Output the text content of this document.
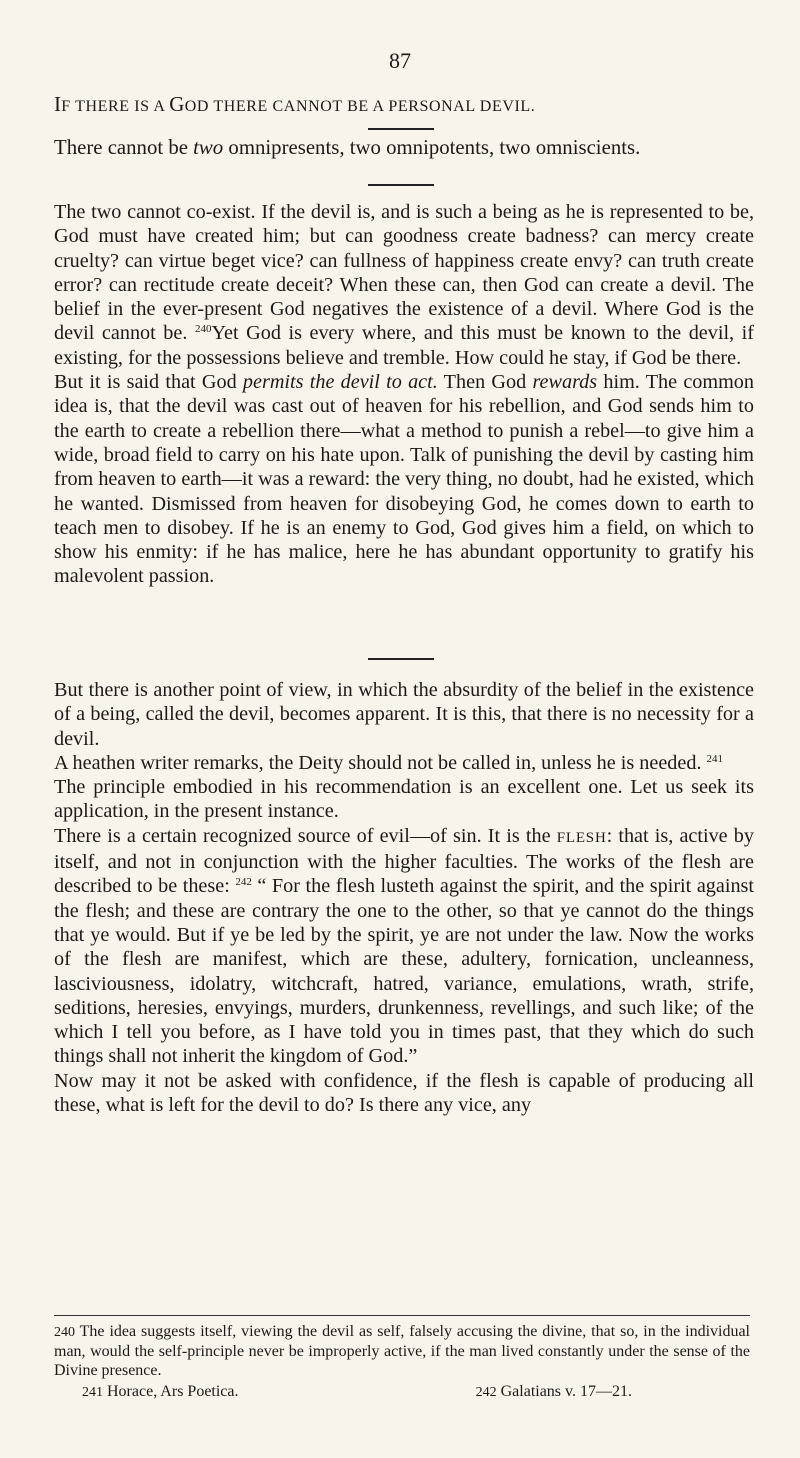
87
IF THERE IS A GOD THERE CANNOT BE A PERSONAL DEVIL.

There cannot be two omnipresents, two omnipotents, two omniscients.

The two cannot co-exist. If the devil is, and is such a being as he is represented to be, God must have created him; but can goodness create badness? can mercy create cruelty? can virtue beget vice? can fullness of happiness create envy? can truth create error? can rectitude create deceit? When these can, then God can create a devil. The belief in the ever-present God negatives the existence of a devil. Where God is the devil cannot be. $^{240}$Yet God is every where, and this must be known to the devil, if existing, for the possessions believe and tremble. How could he stay, if God be there.

But it is said that God permits the devil to act. Then God rewards him. The common idea is, that the devil was cast out of heaven for his rebellion, and God sends him to the earth to create a rebellion there—what a method to punish a rebel—to give him a wide, broad field to carry on his hate upon. Talk of punishing the devil by casting him from heaven to earth—it was a reward: the very thing, no doubt, had he existed, which he wanted. Dismissed from heaven for disobeying God, he comes down to earth to teach men to disobey. If he is an enemy to God, God gives him a field, on which to show his enmity: if he has malice, here he has abundant opportunity to gratify his malevolent passion.

But there is another point of view, in which the absurdity of the belief in the existence of a being, called the devil, becomes apparent. It is this, that there is no necessity for a devil.

A heathen writer remarks, the Deity should not be called in, unless he is needed. $^{241}$

The principle embodied in his recommendation is an excellent one. Let us seek its application, in the present instance.

There is a certain recognized source of evil—of sin. It is the FLESH: that is, active by itself, and not in conjunction with the higher faculties. The works of the flesh are described to be these: $^{242}$ “ For the flesh lusteth against the spirit, and the spirit against the flesh; and these are contrary the one to the other, so that ye cannot do the things that ye would. But if ye be led by the spirit, ye are not under the law. Now the works of the flesh are manifest, which are these, adultery, fornication, uncleanness, lasciviousness, idolatry, witchcraft, hatred, variance, emulations, wrath, strife, seditions, heresies, envyings, murders, drunkenness, revellings, and such like; of the which I tell you before, as I have told you in times past, that they which do such things shall not inherit the kingdom of God.”

Now may it not be asked with confidence, if the flesh is capable of producing all these, what is left for the devil to do? Is there any vice, any

240 The idea suggests itself, viewing the devil as self, falsely accusing the divine, that so, in the individual man, would the self-principle never be improperly active, if the man lived constantly under the sense of the Divine presence.

241 Horace, Ars Poetica.	242 Galatians v. 17—21.
